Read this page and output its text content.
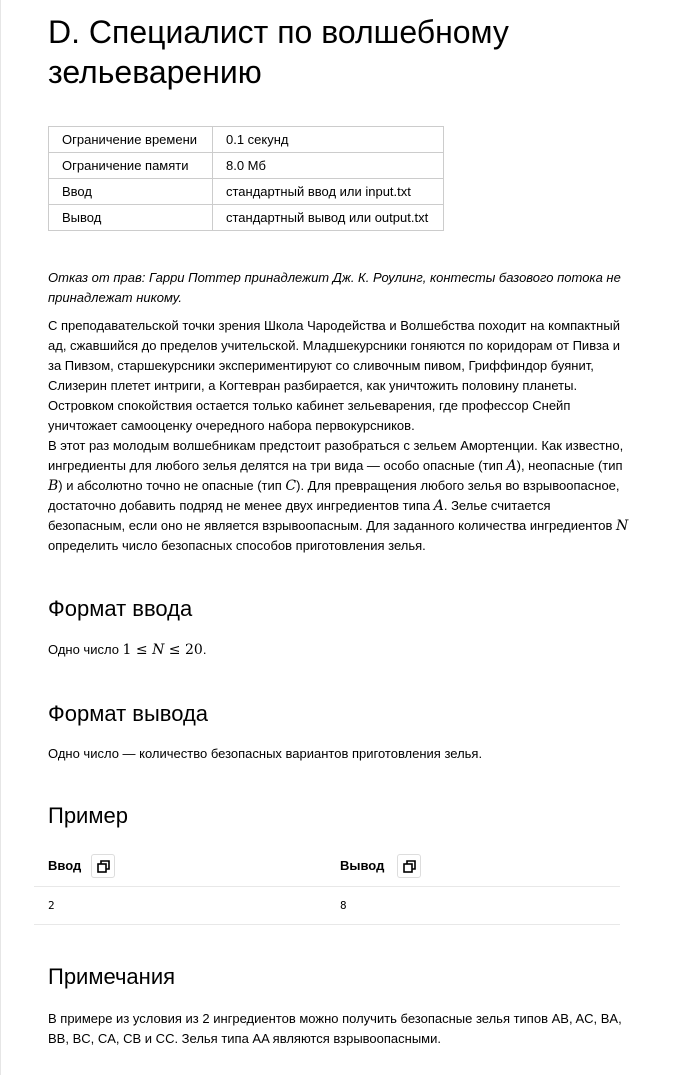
D. Специалист по волшебному зельеварению
Ограничение времени	0.1 секунд
Ограничение памяти	8.0 Мб
Ввод	стандартный ввод или input.txt
Вывод	стандартный вывод или output.txt

Отказ от прав: Гарри Поттер принадлежит Дж. К. Роулинг, контесты базового потока не принадлежат никому.

С преподавательской точки зрения Школа Чародейства и Волшебства походит на компактный ад, сжавшийся до пределов учительской. Младшекурсники гоняются по коридорам от Пивза и за Пивзом, старшекурсники экспериментируют со сливочным пивом, Гриффиндор буянит, Слизерин плетет интриги, а Когтевран разбирается, как уничтожить половину планеты. Островком спокойствия остается только кабинет зельеварения, где профессор Снейп уничтожает самооценку очередного набора первокурсников.

В этот раз молодым волшебникам предстоит разобраться с зельем Амортенции. Как известно, ингредиенты для любого зелья делятся на три вида — особо опасные (тип A), неопасные (тип B) и абсолютно точно не опасные (тип C). Для превращения любого зелья во взрывоопасное, достаточно добавить подряд не менее двух ингредиентов типа A. Зелье считается безопасным, если оно не является взрывоопасным. Для заданного количества ингредиентов N определить число безопасных способов приготовления зелья.

Формат ввода

Одно число 1 ≤ N ≤ 20.

Формат вывода

Одно число — количество безопасных вариантов приготовления зелья.

Пример
Ввод	Вывод
2	8
Примечания

В примере из условия из 2 ингредиентов можно получить безопасные зелья типов AB, AC, BA, BB, BC, CA, CB и CC. Зелья типа AA являются взрывоопасными.
